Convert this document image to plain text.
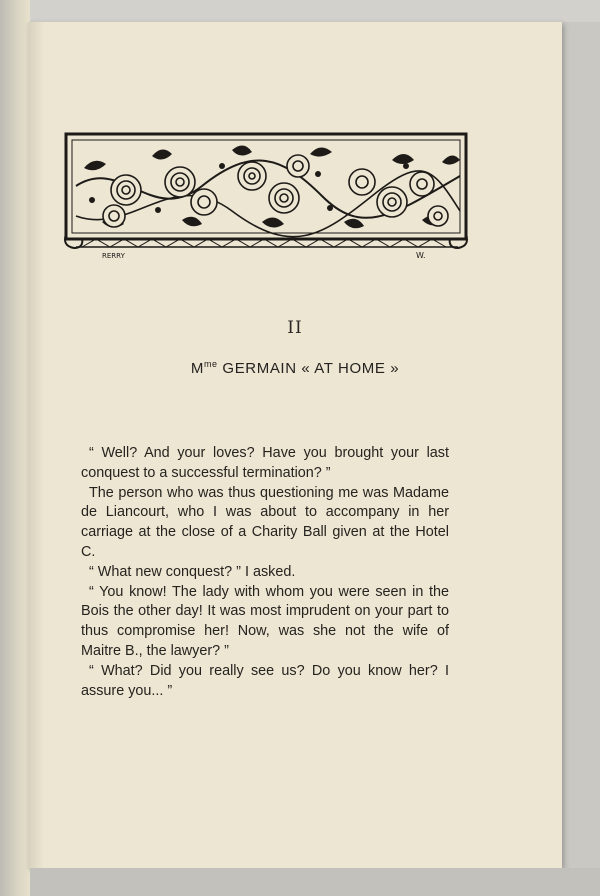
RERRY	W.
II
$M^{me}$ GERMAIN « AT HOME »

“ Well? And your loves? Have you brought your last conquest to a successful termination? ”

The person who was thus questioning me was Madame de Liancourt, who I was about to accompany in her carriage at the close of a Charity Ball given at the Hotel C.

“ What new conquest? ” I asked.

“ You know! The lady with whom you were seen in the Bois the other day! It was most imprudent on your part to thus compromise her! Now, was she not the wife of Maitre B., the lawyer? ”

“ What? Did you really see us? Do you know her? I assure you... ”
